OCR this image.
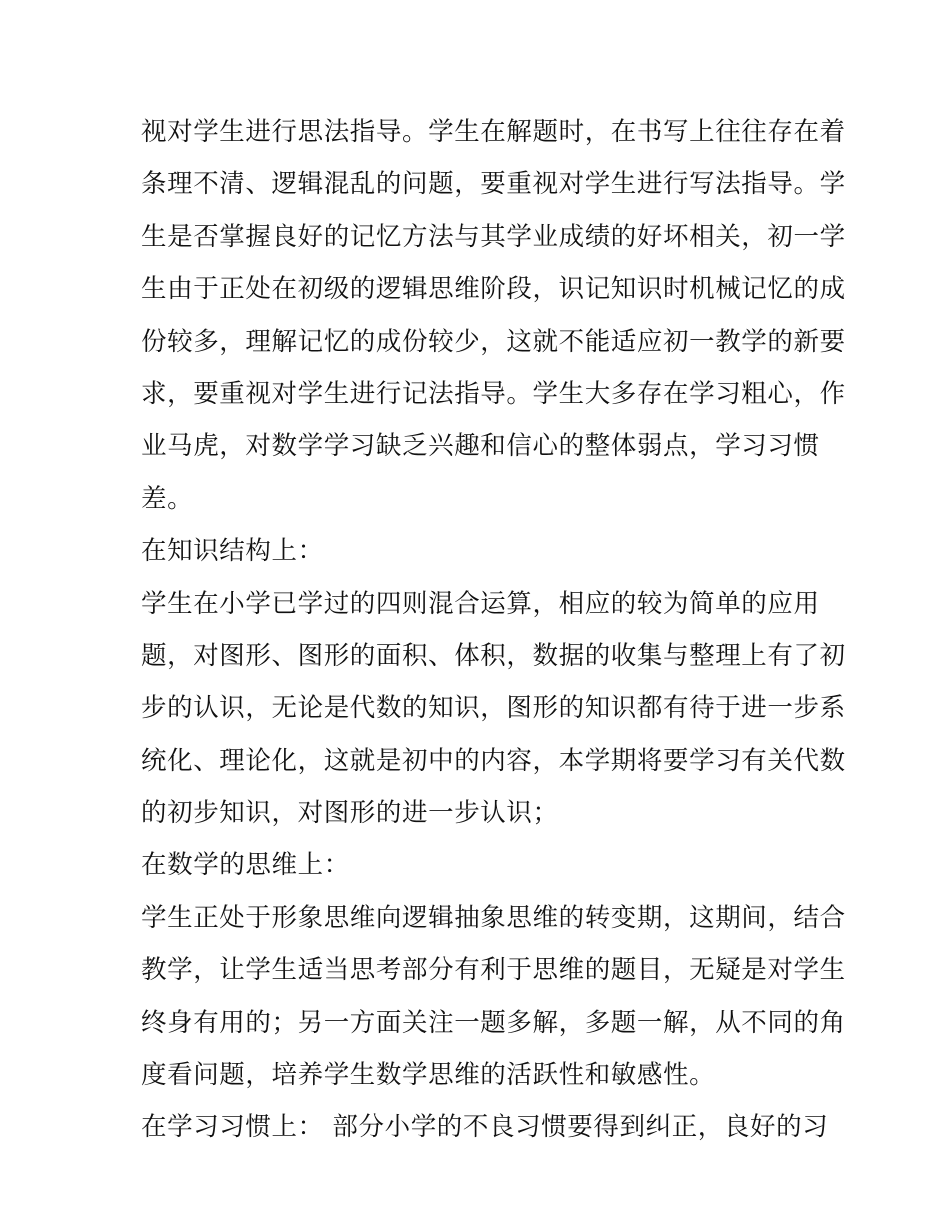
视对学生进行思法指导。学生在解题时，在书写上往往存在着
条理不清、逻辑混乱的问题，要重视对学生进行写法指导。学
生是否掌握良好的记忆方法与其学业成绩的好坏相关，初一学
生由于正处在初级的逻辑思维阶段，识记知识时机械记忆的成
份较多，理解记忆的成份较少，这就不能适应初一教学的新要
求，要重视对学生进行记法指导。学生大多存在学习粗心，作
业马虎，对数学学习缺乏兴趣和信心的整体弱点，学习习惯
差。
在知识结构上：
学生在小学已学过的四则混合运算，相应的较为简单的应用
题，对图形、图形的面积、体积，数据的收集与整理上有了初
步的认识，无论是代数的知识，图形的知识都有待于进一步系
统化、理论化，这就是初中的内容，本学期将要学习有关代数
的初步知识，对图形的进一步认识；
在数学的思维上：
学生正处于形象思维向逻辑抽象思维的转变期，这期间，结合
教学，让学生适当思考部分有利于思维的题目，无疑是对学生
终身有用的；另一方面关注一题多解，多题一解，从不同的角
度看问题，培养学生数学思维的活跃性和敏感性。
在学习习惯上： 部分小学的不良习惯要得到纠正，良好的习
